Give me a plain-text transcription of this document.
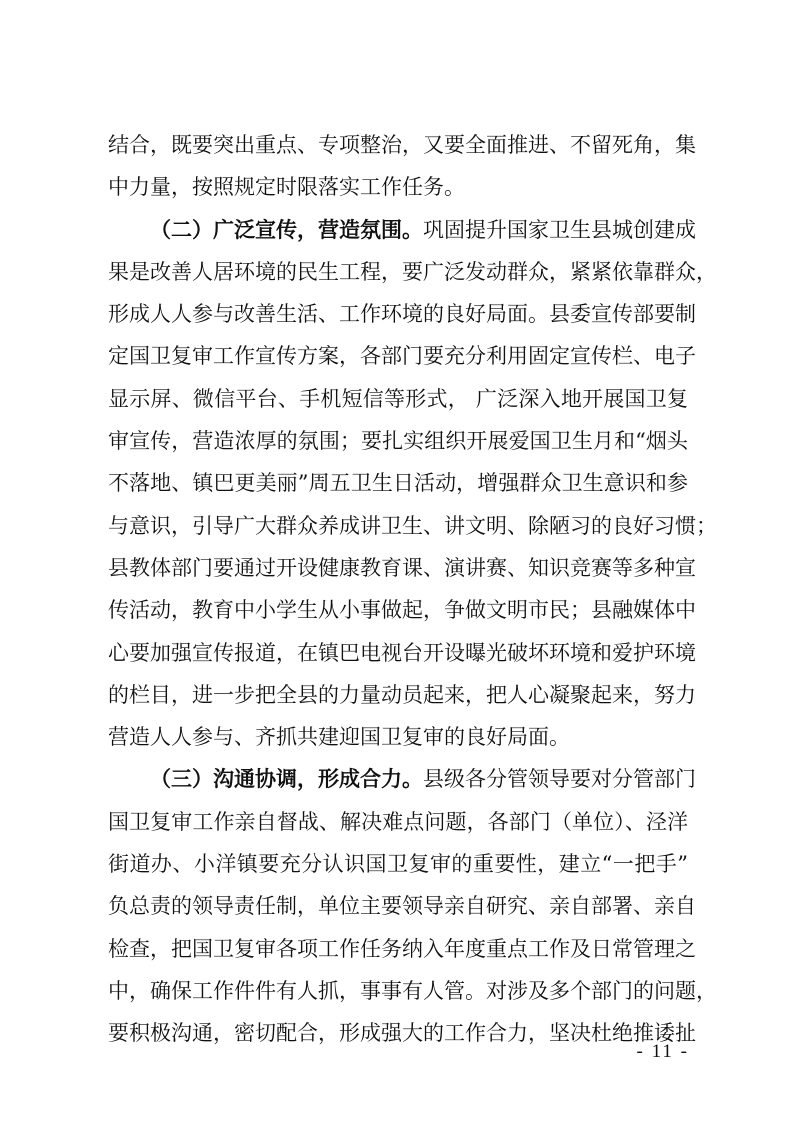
结合，既要突出重点、专项整治，又要全面推进、不留死角，集
中力量，按照规定时限落实工作任务。
（二）广泛宣传，营造氛围。巩固提升国家卫生县城创建成
果是改善人居环境的民生工程，要广泛发动群众，紧紧依靠群众，
形成人人参与改善生活、工作环境的良好局面。县委宣传部要制
定国卫复审工作宣传方案，各部门要充分利用固定宣传栏、电子
显示屏、微信平台、手机短信等形式， 广泛深入地开展国卫复
审宣传，营造浓厚的氛围；要扎实组织开展爱国卫生月和“烟头
不落地、镇巴更美丽”周五卫生日活动，增强群众卫生意识和参
与意识，引导广大群众养成讲卫生、讲文明、除陋习的良好习惯；
县教体部门要通过开设健康教育课、演讲赛、知识竞赛等多种宣
传活动，教育中小学生从小事做起，争做文明市民；县融媒体中
心要加强宣传报道，在镇巴电视台开设曝光破坏环境和爱护环境
的栏目，进一步把全县的力量动员起来，把人心凝聚起来，努力
营造人人参与、齐抓共建迎国卫复审的良好局面。
（三）沟通协调，形成合力。县级各分管领导要对分管部门
国卫复审工作亲自督战、解决难点问题，各部门（单位）、泾洋
街道办、小洋镇要充分认识国卫复审的重要性，建立“一把手”
负总责的领导责任制，单位主要领导亲自研究、亲自部署、亲自
检查，把国卫复审各项工作任务纳入年度重点工作及日常管理之
中，确保工作件件有人抓，事事有人管。对涉及多个部门的问题，
要积极沟通，密切配合，形成强大的工作合力，坚决杜绝推诿扯
- 11 -
